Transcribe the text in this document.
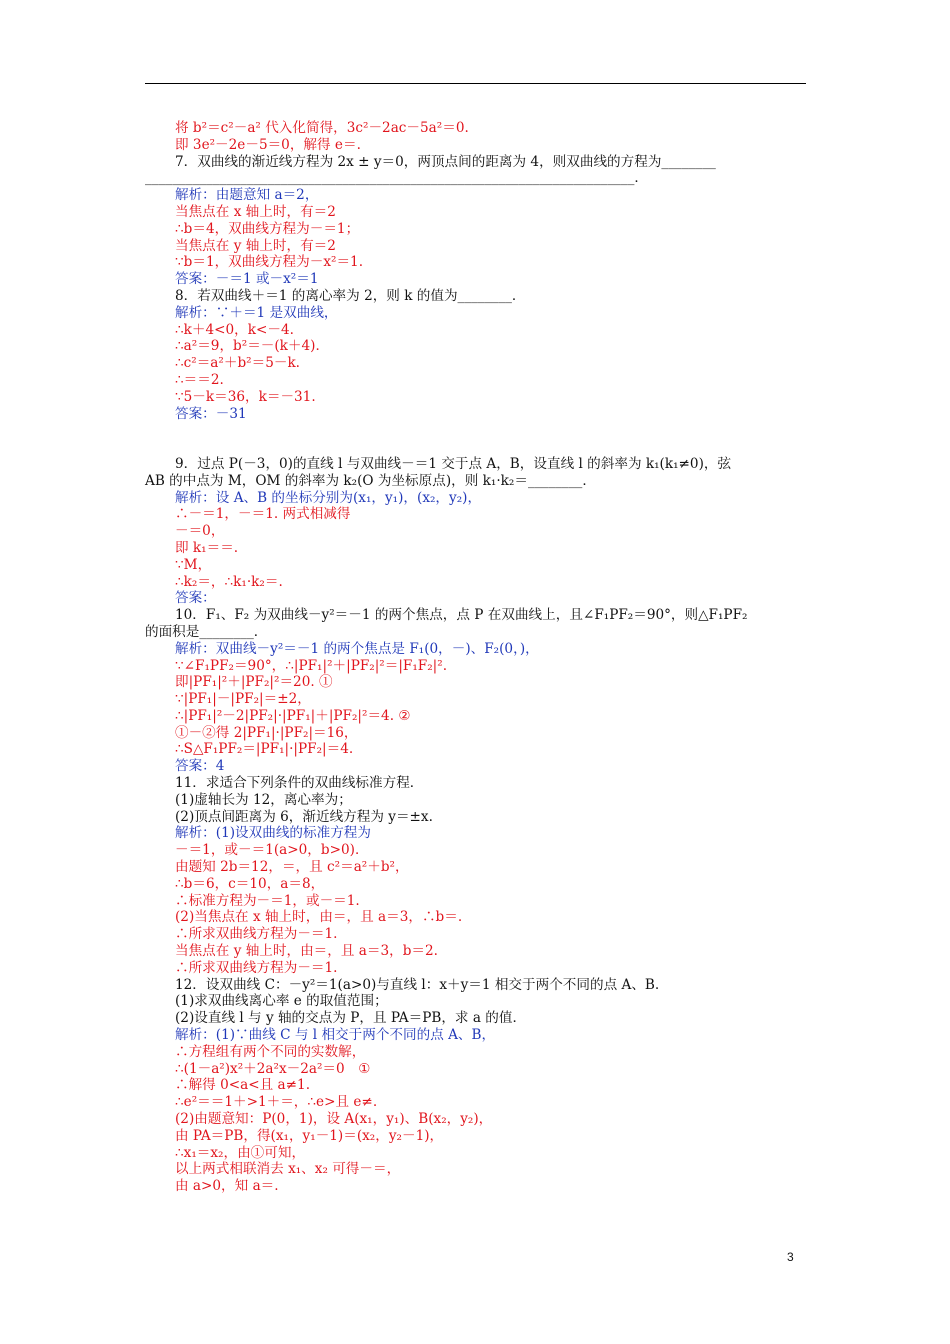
将 b²＝c²－a² 代入化简得，3c²－2ac－5a²＝0.
即 3e²－2e－5＝0，解得 e＝.
7．双曲线的渐近线方程为 2x ± y＝0，两顶点间的距离为 4，则双曲线的方程为________
________________________________________________________________________．
解析：由题意知 a＝2，
当焦点在 x 轴上时，有＝2
∴b＝4，双曲线方程为－＝1；
当焦点在 y 轴上时，有＝2
∵b＝1，双曲线方程为－x²＝1.
答案：－＝1 或－x²＝1
8．若双曲线＋＝1 的离心率为 2，则 k 的值为________．
解析：∵＋＝1 是双曲线，
∴k＋4<0，k<－4.
∴a²＝9，b²＝－(k＋4)．
∴c²＝a²＋b²＝5－k.
∴＝＝2.
∵5－k＝36，k＝－31.
答案：－31
9．过点 P(－3，0)的直线 l 与双曲线－＝1 交于点 A，B，设直线 l 的斜率为 k₁(k₁≠0)，弦
AB 的中点为 M，OM 的斜率为 k₂(O 为坐标原点)，则 k₁·k₂＝________．
解析：设 A、B 的坐标分别为(x₁，y₁)，(x₂，y₂)，
∴－＝1，－＝1. 两式相减得
－＝0，
即 k₁＝＝.
∵M，
∴k₂＝，∴k₁·k₂＝.
答案：
10．F₁、F₂ 为双曲线－y²＝－1 的两个焦点，点 P 在双曲线上，且∠F₁PF₂＝90°，则△F₁PF₂
的面积是________．
解析：双曲线－y²＝－1 的两个焦点是 F₁(0，－)、F₂(0，)，
∵∠F₁PF₂＝90°，∴|PF₁|²＋|PF₂|²＝|F₁F₂|².
即|PF₁|²＋|PF₂|²＝20. ①
∵|PF₁|－|PF₂|＝±2，
∴|PF₁|²－2|PF₂|·|PF₁|＋|PF₂|²＝4. ②
①－②得 2|PF₁|·|PF₂|＝16，
∴S△F₁PF₂＝|PF₁|·|PF₂|＝4.
答案：4
11．求适合下列条件的双曲线标准方程．
(1)虚轴长为 12，离心率为；
(2)顶点间距离为 6，渐近线方程为 y＝±x.
解析：(1)设双曲线的标准方程为
－＝1，或－＝1(a>0，b>0)．
由题知 2b＝12，＝，且 c²＝a²＋b²，
∴b＝6，c＝10，a＝8，
∴标准方程为－＝1，或－＝1.
(2)当焦点在 x 轴上时，由＝，且 a＝3，∴b＝.
∴所求双曲线方程为－＝1.
当焦点在 y 轴上时，由＝，且 a＝3，b＝2.
∴所求双曲线方程为－＝1.
12．设双曲线 C：－y²＝1(a>0)与直线 l：x＋y＝1 相交于两个不同的点 A、B.
(1)求双曲线离心率 e 的取值范围；
(2)设直线 l 与 y 轴的交点为 P，且 PA＝PB，求 a 的值．
解析：(1)∵曲线 C 与 l 相交于两个不同的点 A、B，
∴方程组有两个不同的实数解，
∴(1－a²)x²＋2a²x－2a²＝0　①
∴解得 0<a<且 a≠1.
∴e²＝＝1＋>1＋＝，∴e>且 e≠.
(2)由题意知：P(0，1)，设 A(x₁，y₁)、B(x₂，y₂)，
由 PA＝PB，得(x₁，y₁－1)＝(x₂，y₂－1)，
∴x₁＝x₂，由①可知，
以上两式相联消去 x₁、x₂ 可得－＝，
由 a>0，知 a＝.
3
